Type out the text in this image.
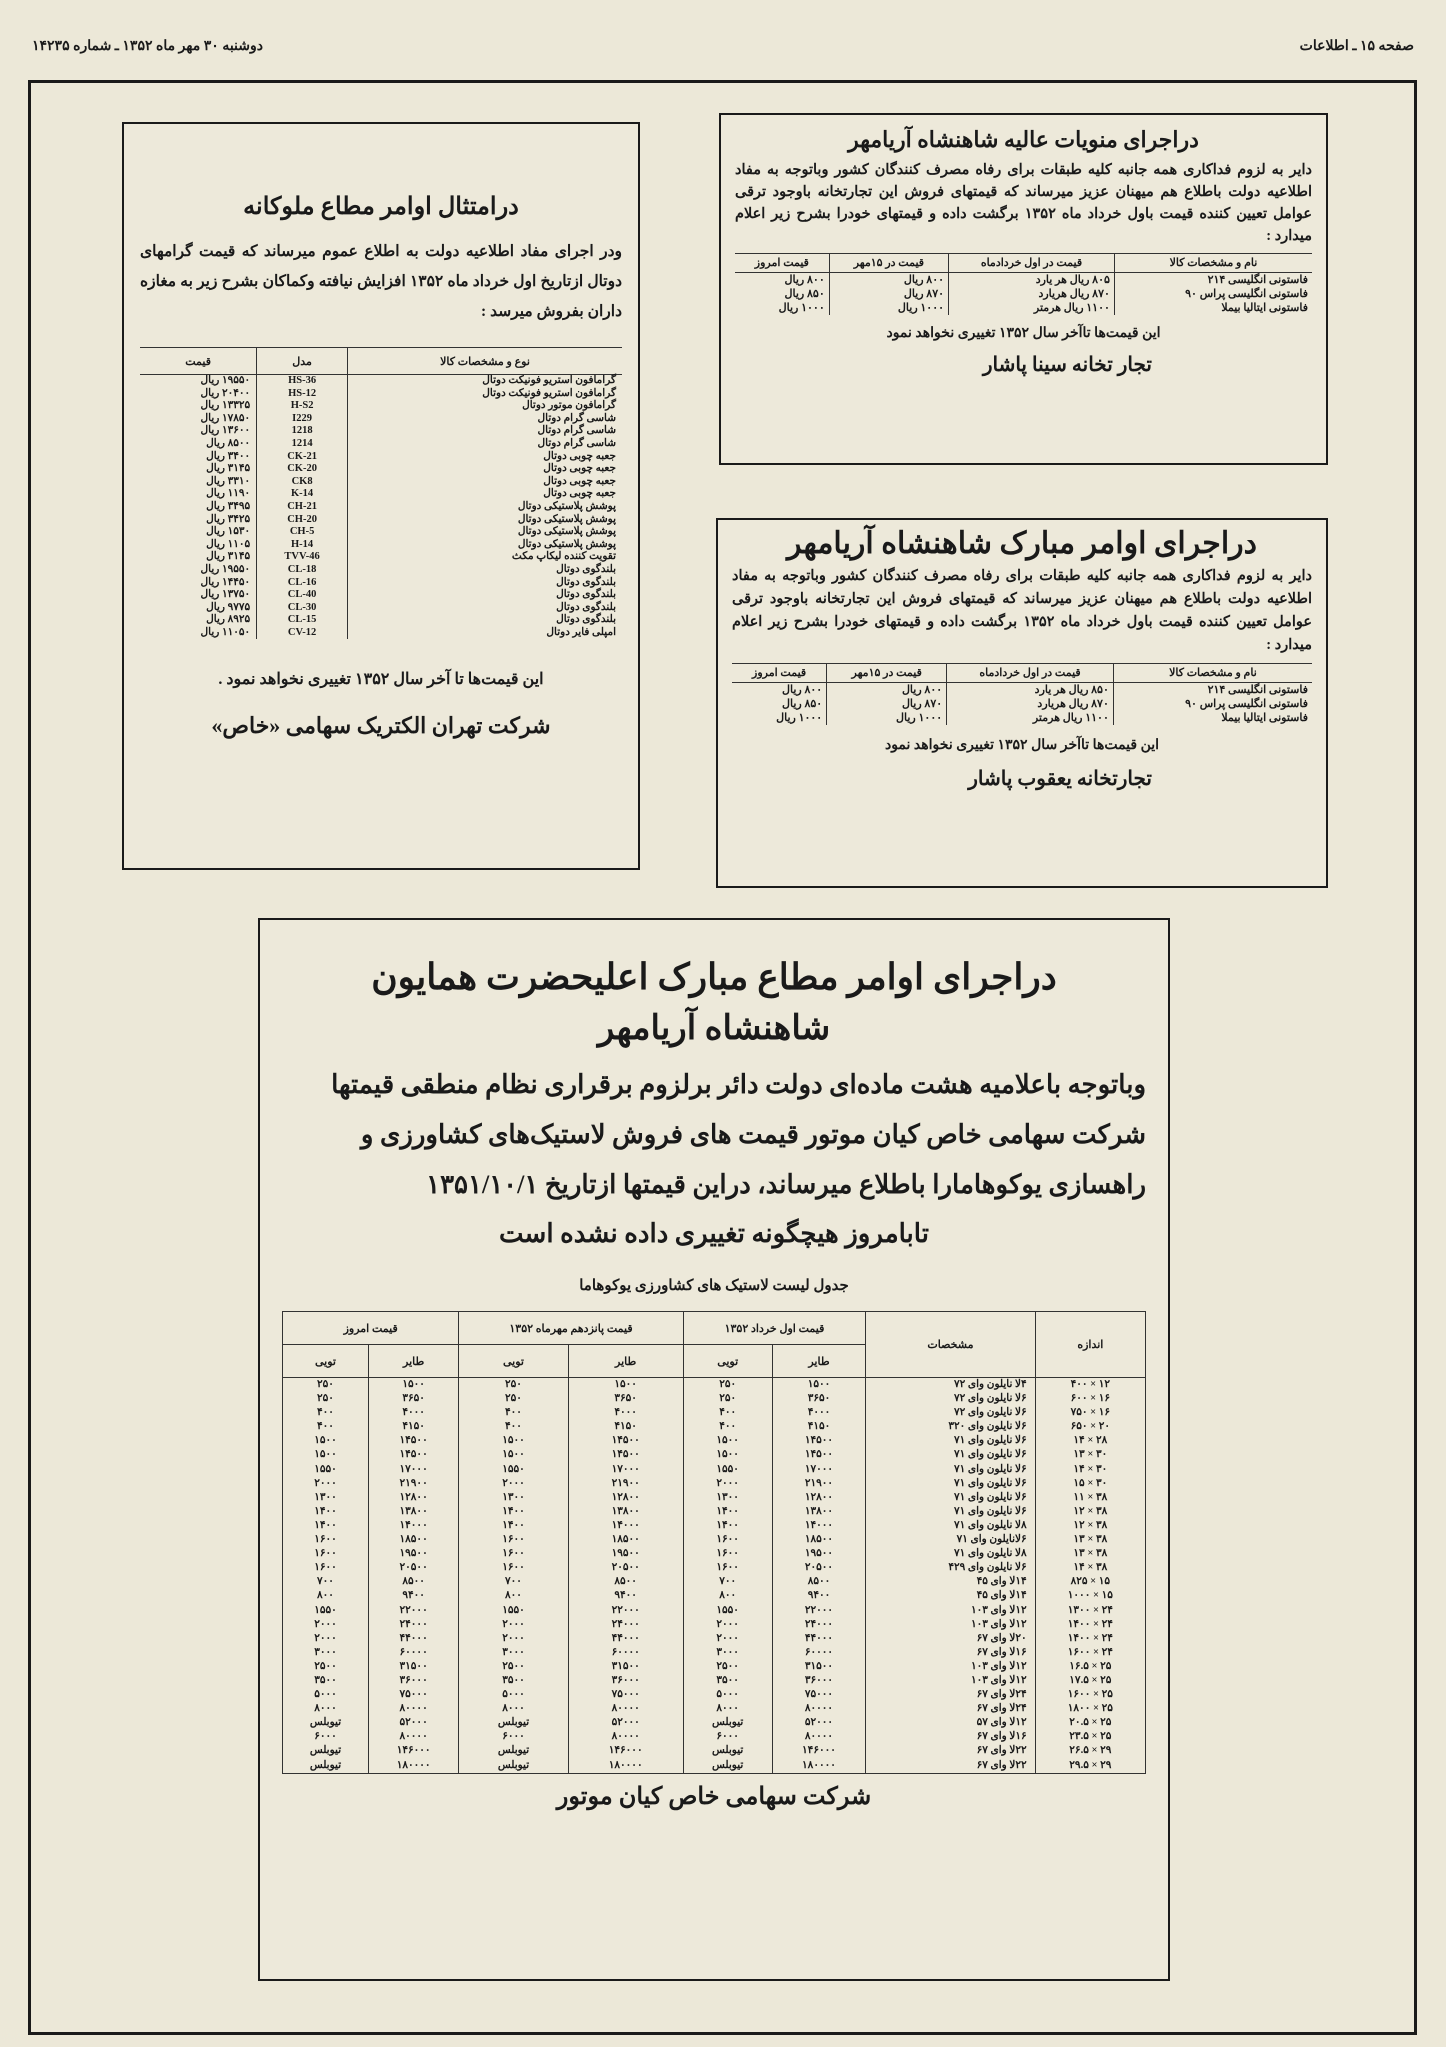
صفحه ۱۵ ـ اطلاعات
دوشنبه ۳۰ مهر ماه ۱۳۵۲ ـ شماره ۱۴۲۳۵
درامتثال اوامر مطاع ملوکانه

ودر اجرای مفاد اطلاعیه دولت به اطلاع عموم میرساند که قیمت گرامهای دوتال ازتاریخ اول خرداد ماه ۱۳۵۲ افزایش نیافته وکماکان بشرح زیر به مغازه داران بفروش میرسد :

نوع و مشخصات کالا	مدل	قیمت
گرامافون استریو فونیکت دوتال	HS-36	۱۹۵۵۰ ریال
گرامافون استریو فونیکت دوتال	HS-12	۲۰۴۰۰ ریال
گرامافون موتور دوتال	H-S2	۱۳۳۲۵ ریال
شاسی گرام دوتال	I229	۱۷۸۵۰ ریال
شاسی گرام دوتال	1218	۱۳۶۰۰ ریال
شاسی گرام دوتال	1214	۸۵۰۰ ریال
جعبه چوبی دوتال	CK-21	۳۴۰۰ ریال
جعبه چوبی دوتال	CK-20	۳۱۴۵ ریال
جعبه چوبی دوتال	CK8	۳۳۱۰ ریال
جعبه چوبی دوتال	K-14	۱۱۹۰ ریال
پوشش پلاستیکی دوتال	CH-21	۳۴۹۵ ریال
پوشش پلاستیکی دوتال	CH-20	۳۴۲۵ ریال
پوشش پلاستیکی دوتال	CH-5	۱۵۳۰ ریال
پوشش پلاستیکی دوتال	H-14	۱۱۰۵ ریال
تقویت کننده لیکاپ مکث	TVV-46	۳۱۴۵ ریال
بلندگوی دوتال	CL-18	۱۹۵۵۰ ریال
بلندگوی دوتال	CL-16	۱۴۴۵۰ ریال
بلندگوی دوتال	CL-40	۱۳۷۵۰ ریال
بلندگوی دوتال	CL-30	۹۷۷۵ ریال
بلندگوی دوتال	CL-15	۸۹۲۵ ریال
امپلی فایر دوتال	CV-12	۱۱۰۵۰ ریال
این قیمت‌ها تا آخر سال ۱۳۵۲ تغییری نخواهد نمود .
شرکت تهران الکتریک سهامی «خاص»
دراجرای منویات عالیه شاهنشاه آریامهر

دایر به لزوم فداکاری همه جانبه کلیه طبقات برای رفاه مصرف کنندگان کشور وباتوجه به مفاد اطلاعیه دولت باطلاع هم میهنان عزیز میرساند که قیمتهای فروش این تجارتخانه باوجود ترقی عوامل تعیین کننده قیمت باول خرداد ماه ۱۳۵۲ برگشت داده و قیمتهای خودرا بشرح زیر اعلام میدارد :

نام و مشخصات کالا	قیمت در اول خردادماه	قیمت در ۱۵مهر	قیمت امروز
فاستونی انگلیسی ۲۱۴	۸۰۵ ریال هر یارد	۸۰۰ ریال	۸۰۰ ریال
فاستونی انگلیسی پراس ۹۰	۸۷۰ ریال هریارد	۸۷۰ ریال	۸۵۰ ریال
فاستونی ایتالیا بیملا	۱۱۰۰ ریال هرمتر	۱۰۰۰ ریال	۱۰۰۰ ریال
این قیمت‌ها تاآخر سال ۱۳۵۲ تغییری نخواهد نمود
تجار تخانه سینا پاشار
دراجرای اوامر مبارک شاهنشاه آریامهر

دایر به لزوم فداکاری همه جانبه کلیه طبقات برای رفاه مصرف کنندگان کشور وباتوجه به مفاد اطلاعیه دولت باطلاع هم میهنان عزیز میرساند که قیمتهای فروش این تجارتخانه باوجود ترقی عوامل تعیین کننده قیمت باول خرداد ماه ۱۳۵۲ برگشت داده و قیمتهای خودرا بشرح زیر اعلام میدارد :

نام و مشخصات کالا	قیمت در اول خردادماه	قیمت در ۱۵مهر	قیمت امروز
فاستونی انگلیسی ۲۱۴	۸۵۰ ریال هر یارد	۸۰۰ ریال	۸۰۰ ریال
فاستونی انگلیسی پراس ۹۰	۸۷۰ ریال هریارد	۸۷۰ ریال	۸۵۰ ریال
فاستونی ایتالیا بیملا	۱۱۰۰ ریال هرمتر	۱۰۰۰ ریال	۱۰۰۰ ریال
این قیمت‌ها تاآخر سال ۱۳۵۲ تغییری نخواهد نمود
تجارتخانه یعقوب پاشار
دراجرای اوامر مطاع مبارک اعلیحضرت همایون
شاهنشاه آریامهر

وباتوجه باعلامیه هشت ماده‌ای دولت دائر برلزوم برقراری نظام منطقی قیمتها

شرکت سهامی خاص کیان موتور قیمت های فروش لاستیک‌های کشاورزی و

راهسازی یوکوهامارا باطلاع میرساند، دراین قیمتها ازتاریخ ۱۳۵۱/۱۰/۱

تابامروز هیچگونه تغییری داده نشده است

جدول لیست لاستیک های کشاورزی یوکوهاما
اندازه	مشخصات	قیمت اول خرداد ۱۳۵۲		قیمت پانزدهم مهرماه ۱۳۵۲		قیمت امروز	
		طایر	تویی	طایر	تویی	طایر	تویی
۱۲ × ۴۰۰	۴لا نایلون وای ۷۲	۱۵۰۰	۲۵۰	۱۵۰۰	۲۵۰	۱۵۰۰	۲۵۰
۱۶ × ۶۰۰	۶لا نایلون وای ۷۲	۳۶۵۰	۲۵۰	۳۶۵۰	۲۵۰	۳۶۵۰	۲۵۰
۱۶ × ۷۵۰	۶لا نایلون وای ۷۲	۴۰۰۰	۴۰۰	۴۰۰۰	۴۰۰	۴۰۰۰	۴۰۰
۲۰ × ۶۵۰	۶لا نایلون وای ۳۲۰	۴۱۵۰	۴۰۰	۴۱۵۰	۴۰۰	۴۱۵۰	۴۰۰
۲۸ × ۱۴	۶لا نایلون وای ۷۱	۱۴۵۰۰	۱۵۰۰	۱۴۵۰۰	۱۵۰۰	۱۴۵۰۰	۱۵۰۰
۳۰ × ۱۳	۶لا نایلون وای ۷۱	۱۴۵۰۰	۱۵۰۰	۱۴۵۰۰	۱۵۰۰	۱۴۵۰۰	۱۵۰۰
۳۰ × ۱۴	۶لا نایلون وای ۷۱	۱۷۰۰۰	۱۵۵۰	۱۷۰۰۰	۱۵۵۰	۱۷۰۰۰	۱۵۵۰
۳۰ × ۱۵	۶لا نایلون وای ۷۱	۲۱۹۰۰	۲۰۰۰	۲۱۹۰۰	۲۰۰۰	۲۱۹۰۰	۲۰۰۰
۳۸ × ۱۱	۶لا نایلون وای ۷۱	۱۲۸۰۰	۱۳۰۰	۱۲۸۰۰	۱۳۰۰	۱۲۸۰۰	۱۳۰۰
۳۸ × ۱۲	۶لا نایلون وای ۷۱	۱۳۸۰۰	۱۴۰۰	۱۳۸۰۰	۱۴۰۰	۱۳۸۰۰	۱۴۰۰
۳۸ × ۱۲	۸لا نایلون وای ۷۱	۱۴۰۰۰	۱۴۰۰	۱۴۰۰۰	۱۴۰۰	۱۴۰۰۰	۱۴۰۰
۳۸ × ۱۳	۶لانایلون وای ۷۱	۱۸۵۰۰	۱۶۰۰	۱۸۵۰۰	۱۶۰۰	۱۸۵۰۰	۱۶۰۰
۳۸ × ۱۳	۸لا نایلون وای ۷۱	۱۹۵۰۰	۱۶۰۰	۱۹۵۰۰	۱۶۰۰	۱۹۵۰۰	۱۶۰۰
۳۸ × ۱۴	۶لا نایلون وای ۴۲۹	۲۰۵۰۰	۱۶۰۰	۲۰۵۰۰	۱۶۰۰	۲۰۵۰۰	۱۶۰۰
۱۵ × ۸۲۵	۱۴لا وای ۴۵	۸۵۰۰	۷۰۰	۸۵۰۰	۷۰۰	۸۵۰۰	۷۰۰
۱۵ × ۱۰۰۰	۱۴لا وای ۴۵	۹۴۰۰	۸۰۰	۹۴۰۰	۸۰۰	۹۴۰۰	۸۰۰
۲۴ × ۱۳۰۰	۱۲لا وای ۱۰۳	۲۲۰۰۰	۱۵۵۰	۲۲۰۰۰	۱۵۵۰	۲۲۰۰۰	۱۵۵۰
۲۴ × ۱۴۰۰	۱۲لا وای ۱۰۳	۲۴۰۰۰	۲۰۰۰	۲۴۰۰۰	۲۰۰۰	۲۴۰۰۰	۲۰۰۰
۲۴ × ۱۴۰۰	۲۰لا وای ۶۷	۴۴۰۰۰	۲۰۰۰	۴۴۰۰۰	۲۰۰۰	۴۴۰۰۰	۲۰۰۰
۲۴ × ۱۶۰۰	۱۶لا وای ۶۷	۶۰۰۰۰	۳۰۰۰	۶۰۰۰۰	۳۰۰۰	۶۰۰۰۰	۳۰۰۰
۲۵ × ۱۶.۵	۱۲لا وای ۱۰۳	۳۱۵۰۰	۲۵۰۰	۳۱۵۰۰	۲۵۰۰	۳۱۵۰۰	۲۵۰۰
۲۵ × ۱۷.۵	۱۲لا وای ۱۰۳	۳۶۰۰۰	۳۵۰۰	۳۶۰۰۰	۳۵۰۰	۳۶۰۰۰	۳۵۰۰
۲۵ × ۱۶۰۰	۲۴لا وای ۶۷	۷۵۰۰۰	۵۰۰۰	۷۵۰۰۰	۵۰۰۰	۷۵۰۰۰	۵۰۰۰
۲۵ × ۱۸۰۰	۲۴لا وای ۶۷	۸۰۰۰۰	۸۰۰۰	۸۰۰۰۰	۸۰۰۰	۸۰۰۰۰	۸۰۰۰
۲۵ × ۲۰.۵	۱۲لا وای ۵۷	۵۲۰۰۰	تیوبلس	۵۲۰۰۰	تیوبلس	۵۲۰۰۰	تیوبلس
۲۵ × ۲۳.۵	۱۶لا وای ۶۷	۸۰۰۰۰	۶۰۰۰	۸۰۰۰۰	۶۰۰۰	۸۰۰۰۰	۶۰۰۰
۲۹ × ۲۶.۵	۲۲لا وای ۶۷	۱۴۶۰۰۰	تیوبلس	۱۴۶۰۰۰	تیوبلس	۱۴۶۰۰۰	تیوبلس
۲۹ × ۲۹.۵	۲۲لا وای ۶۷	۱۸۰۰۰۰	تیوبلس	۱۸۰۰۰۰	تیوبلس	۱۸۰۰۰۰	تیوبلس
شرکت سهامی خاص کیان موتور
